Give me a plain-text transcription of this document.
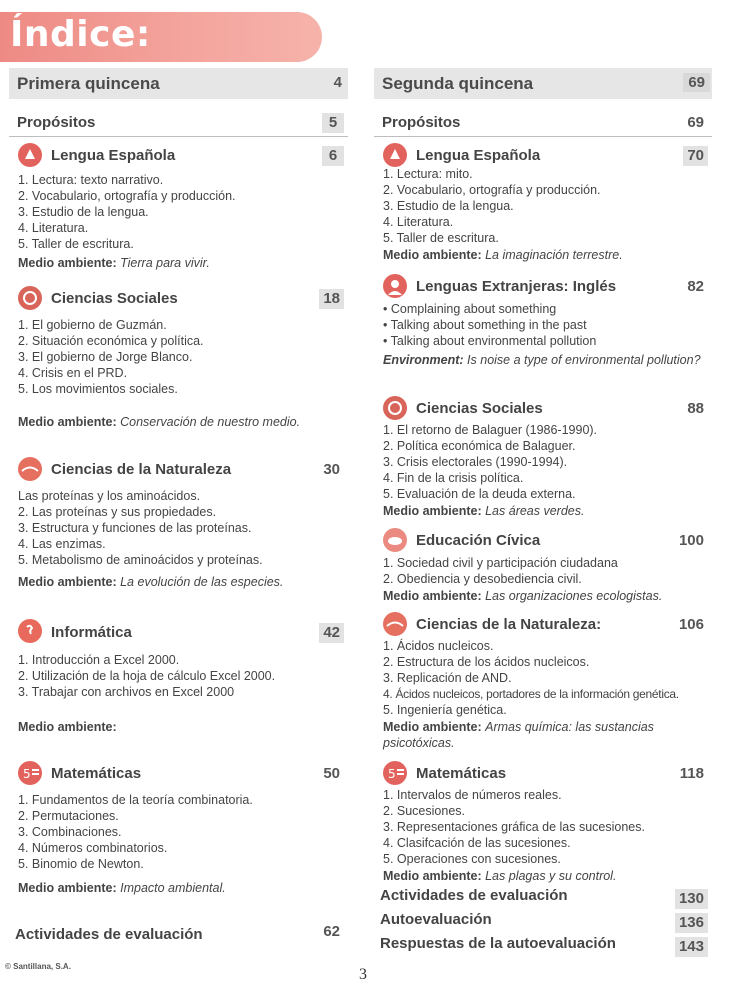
Índice:
Primera quincena	4
Propósitos	5
Segunda quincena	69
Propósitos	69
Lengua Española	6
1. Lectura: texto narrativo.
2. Vocabulario, ortografía y producción.
3. Estudio de la lengua.
4. Literatura.
5. Taller de escritura.
Medio ambiente: Tierra para vivir.
Ciencias Sociales	18
1. El gobierno de Guzmán.
2. Situación económica y política.
3. El gobierno de Jorge Blanco.
4. Crisis en el PRD.
5. Los movimientos sociales.
Medio ambiente: Conservación de nuestro medio.
Ciencias de la Naturaleza	30
Las proteínas y los aminoácidos.
2. Las proteínas y sus propiedades.
3. Estructura y funciones de las proteínas.
4. Las enzimas.
5. Metabolismo de aminoácidos y proteínas.
Medio ambiente: La evolución de las especies.
Informática	42
1. Introducción a Excel 2000.
2. Utilización de la hoja de cálculo Excel 2000.
3. Trabajar con archivos en Excel 2000
Medio ambiente:
5 Matemáticas	50
1. Fundamentos de la teoría combinatoria.
2. Permutaciones.
3. Combinaciones.
4. Números combinatorios.
5. Binomio de Newton.
Medio ambiente: Impacto ambiental.
Actividades de evaluación	62
Lengua Española	70
1. Lectura: mito.
2. Vocabulario, ortografía y producción.
3. Estudio de la lengua.
4. Literatura.
5. Taller de escritura.
Medio ambiente: La imaginación terrestre.
Lenguas Extranjeras: Inglés	82
• Complaining about something
• Talking about something in the past
• Talking about environmental pollution
Environment: Is noise a type of environmental pollution?
Ciencias Sociales	88
1. El retorno de Balaguer (1986-1990).
2. Política económica de Balaguer.
3. Crisis electorales (1990-1994).
4. Fin de la crisis política.
5. Evaluación de la deuda externa.
Medio ambiente: Las áreas verdes.
Educación Cívica	100
1. Sociedad civil y participación ciudadana
2. Obediencia y desobediencia civil.
Medio ambiente: Las organizaciones ecologistas.
Ciencias de la Naturaleza:	106
1. Ácidos nucleicos.
2. Estructura de los ácidos nucleicos.
3. Replicación de AND.
4. Ácidos nucleicos, portadores de la información genética.
5. Ingeniería genética.
Medio ambiente: Armas química: las sustancias psicotóxicas.
5 Matemáticas	118
1. Intervalos de números reales.
2. Sucesiones.
3. Representaciones gráfica de las sucesiones.
4. Clasifcación de las sucesiones.
5. Operaciones con sucesiones.
Medio ambiente: Las plagas y su control.
Actividades de evaluación	130
Autoevaluación	136
Respuestas de la autoevaluación	143
© Santillana, S.A.	3
